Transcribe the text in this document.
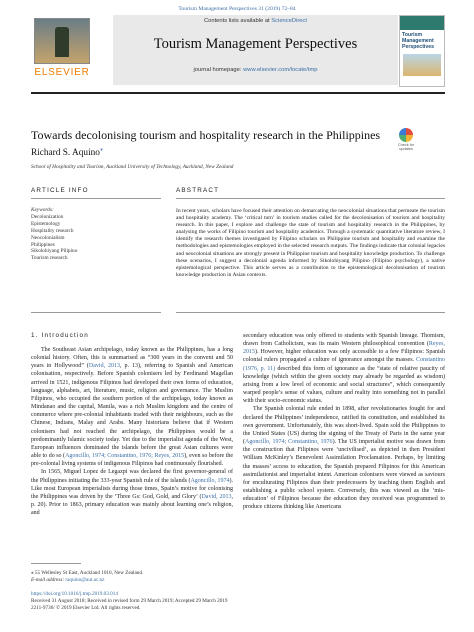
Tourism Management Perspectives 31 (2019) 72–84
ELSEVIER
Contents lists available at ScienceDirect
Tourism Management Perspectives
journal homepage: www.elsevier.com/locate/tmp
Tourism Management Perspectives
Towards decolonising tourism and hospitality research in the Philippines
Check for updates
Richard S. Aquino⁎
School of Hospitality and Tourism, Auckland University of Technology, Auckland, New Zealand
ARTICLE INFO	ABSTRACT
Keywords:
Decolonization
Epistemology
Hospitality research
Neocolonialism
Philippines
Sikolohiyang Pilipino
Tourism research
In recent years, scholars have focused their attention on demarcating the neocolonial situations that permeate the tourism and hospitality academy. The ‘critical turn’ in tourism studies called for the decolonisation of tourism and hospitality research. In this paper, I explore and challenge the state of tourism and hospitality research in the Philippines, by analysing the works of Filipino tourism and hospitality academics. Through a systematic quantitative literature review, I identify the research themes investigated by Filipino scholars on Philippine tourism and hospitality and examine the methodologies and epistemologies employed in the selected research outputs. The findings indicate that colonial legacies and neocolonial situations are strongly present in Philippine tourism and hospitality knowledge production. To challenge these scenarios, I suggest a decolonial agenda informed by Sikolohiyang Pilipino (Filipino psychology), a native epistemological perspective. This article serves as a contribution to the epistemological decolonisation of tourism knowledge production in Asian contexts.
1. Introduction

The Southeast Asian archipelago, today known as the Philippines, has a long colonial history. Often, this is summarised as “300 years in the convent and 50 years in Hollywood” (David, 2013, p. 13), referring to Spanish and American colonisation, respectively. Before Spanish colonisers led by Ferdinand Magellan arrived in 1521, indigenous Filipinos had developed their own forms of education, language, alphabets, art, literature, music, religion and governance. The Muslim Filipinos, who occupied the southern portion of the archipelago, today known as Mindanao and the capital, Manila, was a rich Muslim kingdom and the centre of commerce where pre-colonial inhabitants traded with their neighbours, such as the Chinese, Indians, Malay and Arabs. Many historians believe that if Western colonisers had not reached the archipelago, the Philippines would be a predominantly Islamic society today. Yet due to the imperialist agenda of the West, European influences dominated the islands before the great Asian cultures were able to do so (Agoncillo, 1974; Constantino, 1976; Reyes, 2015), even so before the pre-colonial living systems of indigenous Filipinos had continuously flourished.

In 1565, Miguel Lopez de Legazpi was declared the first governor-general of the Philippines initiating the 333-year Spanish rule of the islands (Agoncillo, 1974). Like most European imperialists during those times, Spain’s motive for colonising the Philippines was driven by the ‘Three Gs: God, Gold, and Glory’ (David, 2013, p. 20). Prior to 1863, primary education was mainly about learning one’s religion, and

secondary education was only offered to students with Spanish lineage. Thomism, drawn from Catholicism, was its main Western philosophical convention (Reyes, 2015). However, higher education was only accessible to a few Filipinos: Spanish colonial rulers propagated a culture of ignorance amongst the masses. Constantino (1976, p. 11) described this form of ignorance as the “state of relative paucity of knowledge (which within the given society may already be regarded as wisdom) arising from a low level of economic and social structures”, which consequently warped people’s sense of values, culture and reality into something not in parallel with their socio-economic status.

The Spanish colonial rule ended in 1898, after revolutionaries fought for and declared the Philippines’ independence, ratified its constitution, and established its own government. Unfortunately, this was short-lived. Spain sold the Philippines to the United States (US) during the signing of the Treaty of Paris in the same year (Agoncillo, 1974; Constantino, 1976). The US imperialist motive was drawn from the construction that Filipinos were ‘uncivilised’, as depicted in then President William McKinley’s Benevolent Assimilation Proclamation. Perhaps, by limiting the masses’ access to education, the Spanish prepared Filipinos for this American assimilationist and imperialist intent. American colonisers were viewed as saviours for enculturating Filipinos than their predecessors by teaching them English and establishing a public school system. Conversely, this was viewed as the ‘mis-education’ of Filipinos because the education they received was programmed to produce citizens thinking like Americans

⁎ 55 Wellesley St East, Auckland 1010, New Zealand.
E-mail address: raquino@aut.ac.nz
https://doi.org/10.1016/j.tmp.2019.03.014
Received 31 August 2018; Received in revised form 29 March 2019; Accepted 29 March 2019
2211-9736/ © 2019 Elsevier Ltd. All rights reserved.
